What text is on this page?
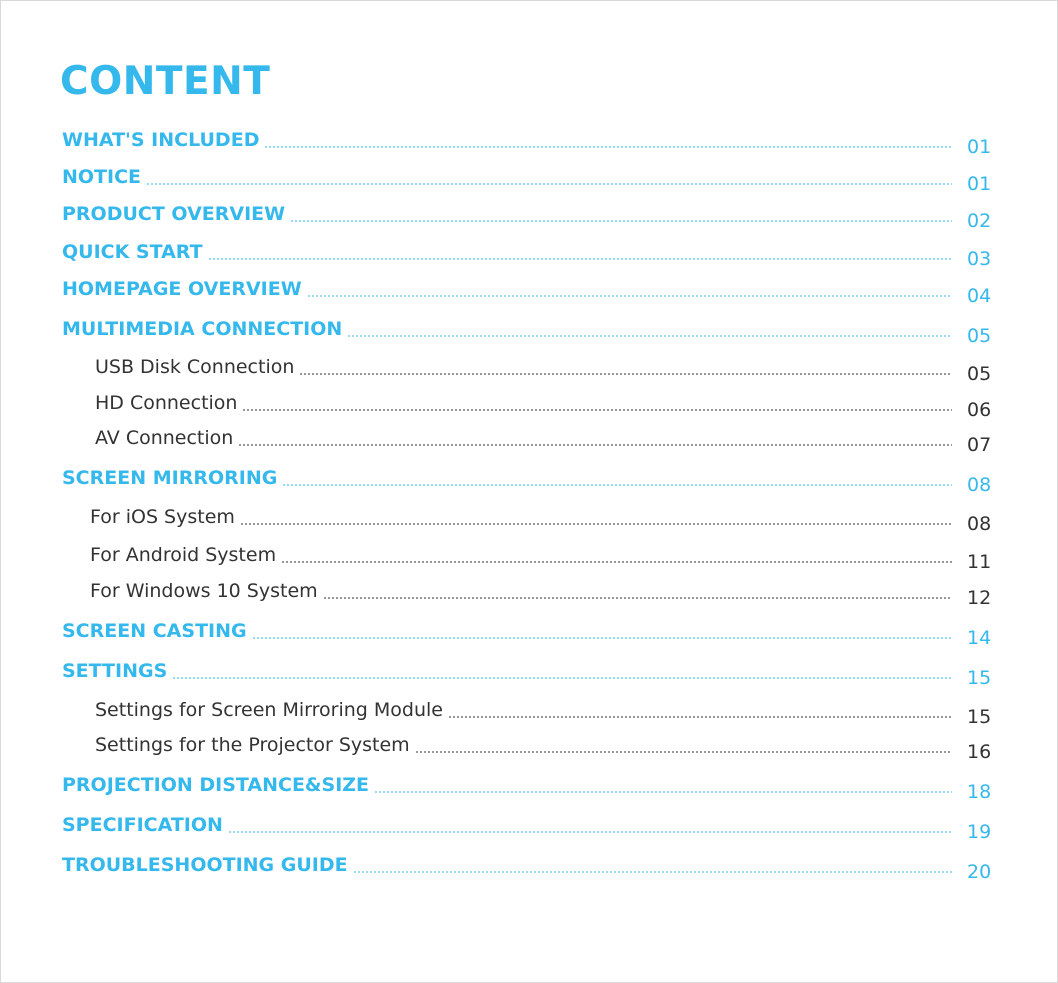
CONTENT
WHAT'S INCLUDED	01
NOTICE	01
PRODUCT OVERVIEW	02
QUICK START	03
HOMEPAGE OVERVIEW	04
MULTIMEDIA CONNECTION	05
USB Disk Connection	05
HD Connection	06
AV Connection	07
SCREEN MIRRORING	08
For iOS System	08
For Android System	11
For Windows 10 System	12
SCREEN CASTING	14
SETTINGS	15
Settings for Screen Mirroring Module	15
Settings for the Projector System	16
PROJECTION DISTANCE&SIZE	18
SPECIFICATION	19
TROUBLESHOOTING GUIDE	20
